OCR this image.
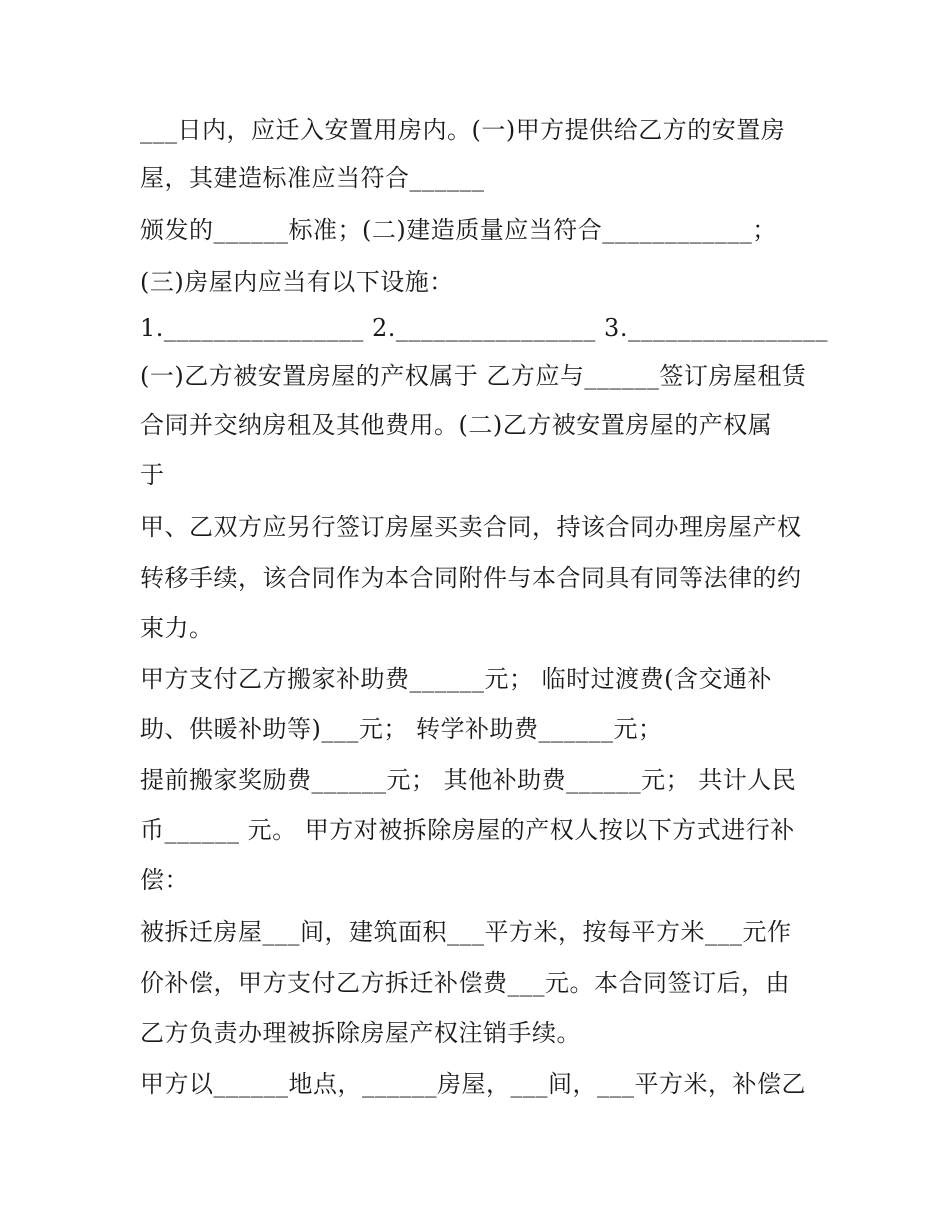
___日内，应迁入安置用房内。(一)甲方提供给乙方的安置房
屋，其建造标准应当符合______
颁发的______标准；(二)建造质量应当符合____________；
(三)房屋内应当有以下设施：
1.________________ 2.________________ 3.________________
(一)乙方被安置房屋的产权属于 乙方应与______签订房屋租赁
合同并交纳房租及其他费用。(二)乙方被安置房屋的产权属
于
甲、乙双方应另行签订房屋买卖合同，持该合同办理房屋产权
转移手续，该合同作为本合同附件与本合同具有同等法律的约
束力。
甲方支付乙方搬家补助费______元； 临时过渡费(含交通补
助、供暖补助等)___元； 转学补助费______元；
提前搬家奖励费______元； 其他补助费______元； 共计人民
币______ 元。 甲方对被拆除房屋的产权人按以下方式进行补
偿：
被拆迁房屋___间，建筑面积___平方米，按每平方米___元作
价补偿，甲方支付乙方拆迁补偿费___元。本合同签订后，由
乙方负责办理被拆除房屋产权注销手续。
甲方以______地点，______房屋，___间，___平方米，补偿乙
